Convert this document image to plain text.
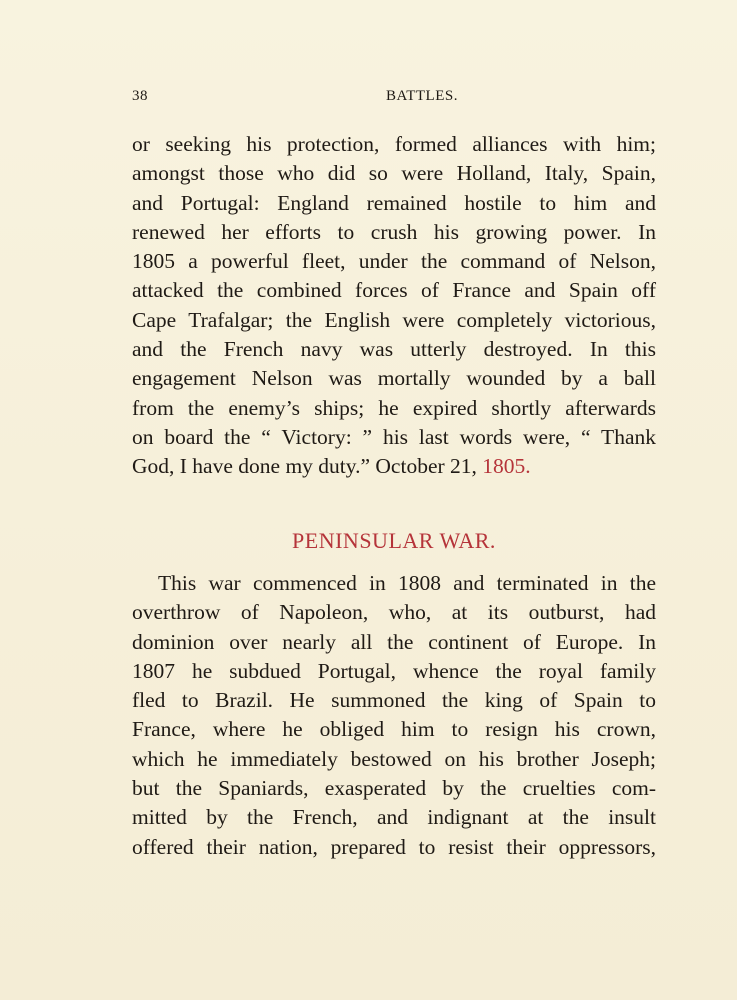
38	BATTLES.
or seeking his protection, formed alliances with him;
amongst those who did so were Holland, Italy, Spain,
and Portugal: England remained hostile to him and
renewed her efforts to crush his growing power. In
1805 a powerful fleet, under the command of Nelson,
attacked the combined forces of France and Spain off
Cape Trafalgar; the English were completely victorious,
and the French navy was utterly destroyed. In this
engagement Nelson was mortally wounded by a ball
from the enemy’s ships; he expired shortly afterwards
on board the “ Victory: ” his last words were, “ Thank
God, I have done my duty.” October 21, 1805.
PENINSULAR WAR.
This war commenced in 1808 and terminated in the
overthrow of Napoleon, who, at its outburst, had
dominion over nearly all the continent of Europe. In
1807 he subdued Portugal, whence the royal family
fled to Brazil. He summoned the king of Spain to
France, where he obliged him to resign his crown,
which he immediately bestowed on his brother Joseph;
but the Spaniards, exasperated by the cruelties com-
mitted by the French, and indignant at the insult
offered their nation, prepared to resist their oppressors,
